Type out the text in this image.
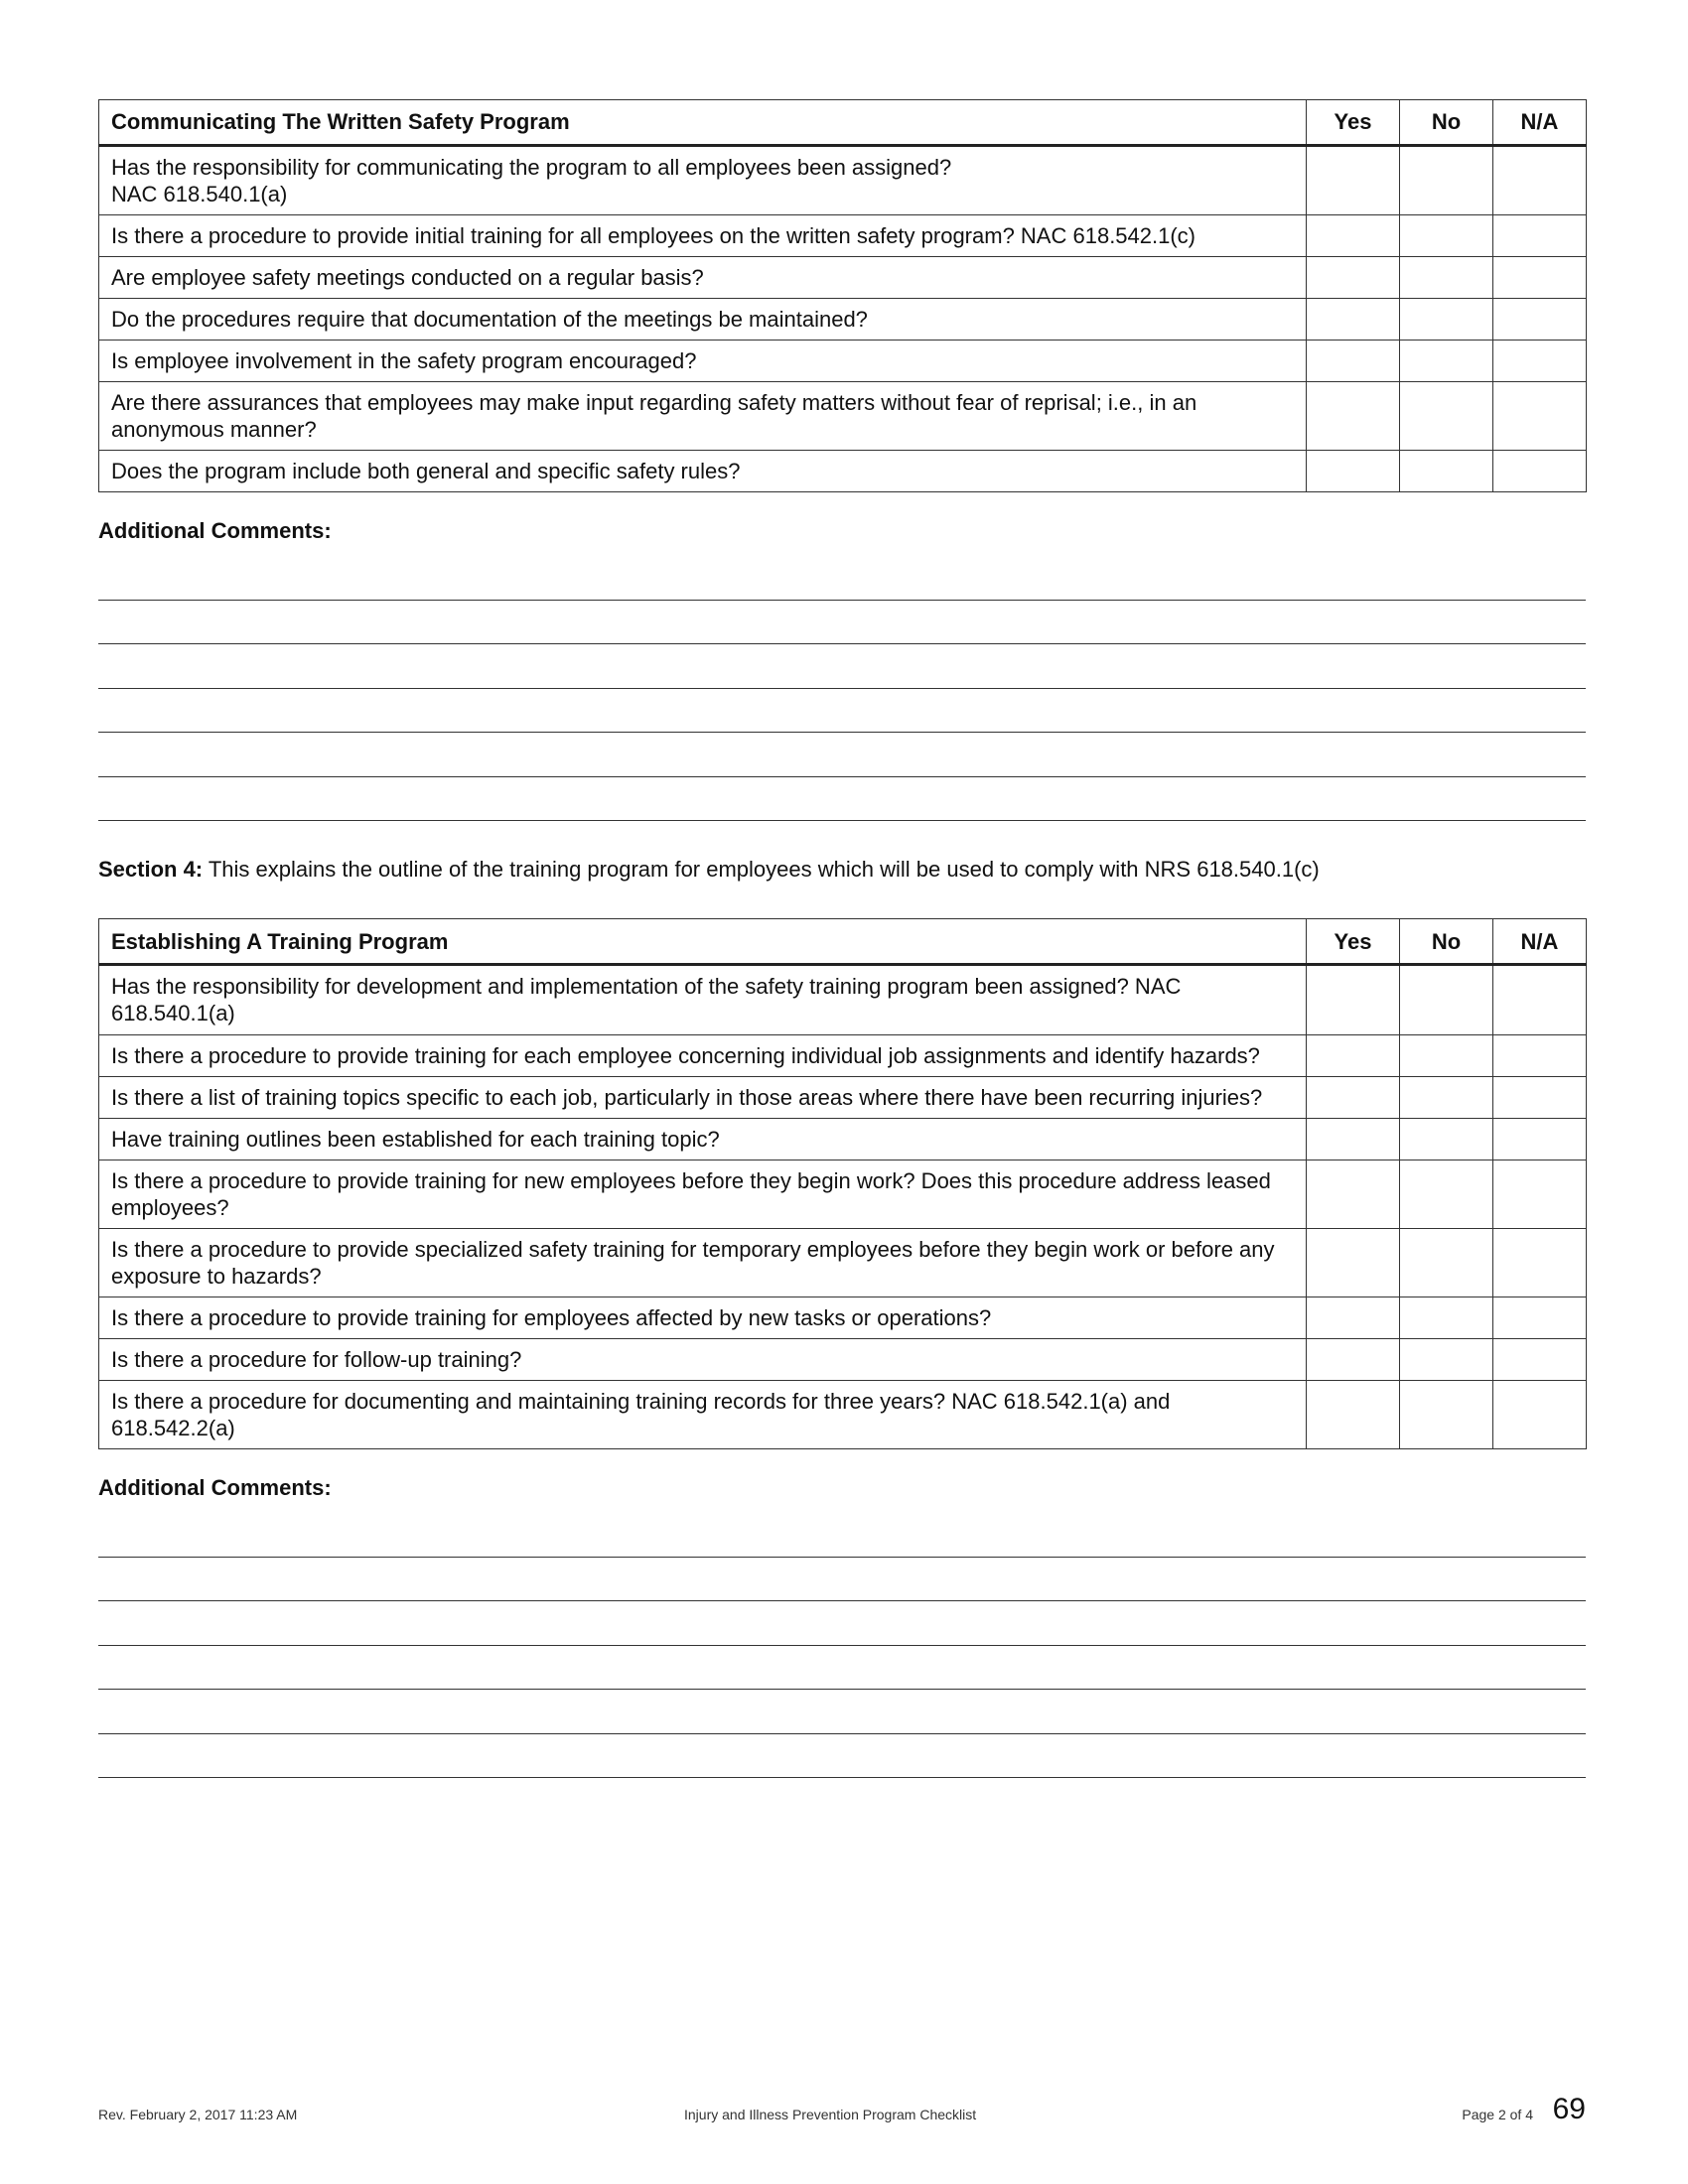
Communicating The Written Safety Program	Yes	No	N/A
Has the responsibility for communicating the program to all employees been assigned?
NAC 618.540.1(a)			
Is there a procedure to provide initial training for all employees on the written safety program? NAC 618.542.1(c)			
Are employee safety meetings conducted on a regular basis?			
Do the procedures require that documentation of the meetings be maintained?			
Is employee involvement in the safety program encouraged?			
Are there assurances that employees may make input regarding safety matters without fear of reprisal; i.e., in an anonymous manner?			
Does the program include both general and specific safety rules?			
Additional Comments:
Section 4: This explains the outline of the training program for employees which will be used to comply with NRS 618.540.1(c)
Establishing A Training Program	Yes	No	N/A
Has the responsibility for development and implementation of the safety training program been assigned? NAC 618.540.1(a)			
Is there a procedure to provide training for each employee concerning individual job assignments and identify hazards?			
Is there a list of training topics specific to each job, particularly in those areas where there have been recurring injuries?			
Have training outlines been established for each training topic?			
Is there a procedure to provide training for new employees before they begin work? Does this procedure address leased employees?			
Is there a procedure to provide specialized safety training for temporary employees before they begin work or before any exposure to hazards?			
Is there a procedure to provide training for employees affected by new tasks or operations?			
Is there a procedure for follow-up training?			
Is there a procedure for documenting and maintaining training records for three years? NAC 618.542.1(a) and 618.542.2(a)			
Additional Comments:
Rev. February 2, 2017 11:23 AM	Injury and Illness Prevention Program Checklist	Page 2 of 4 69
